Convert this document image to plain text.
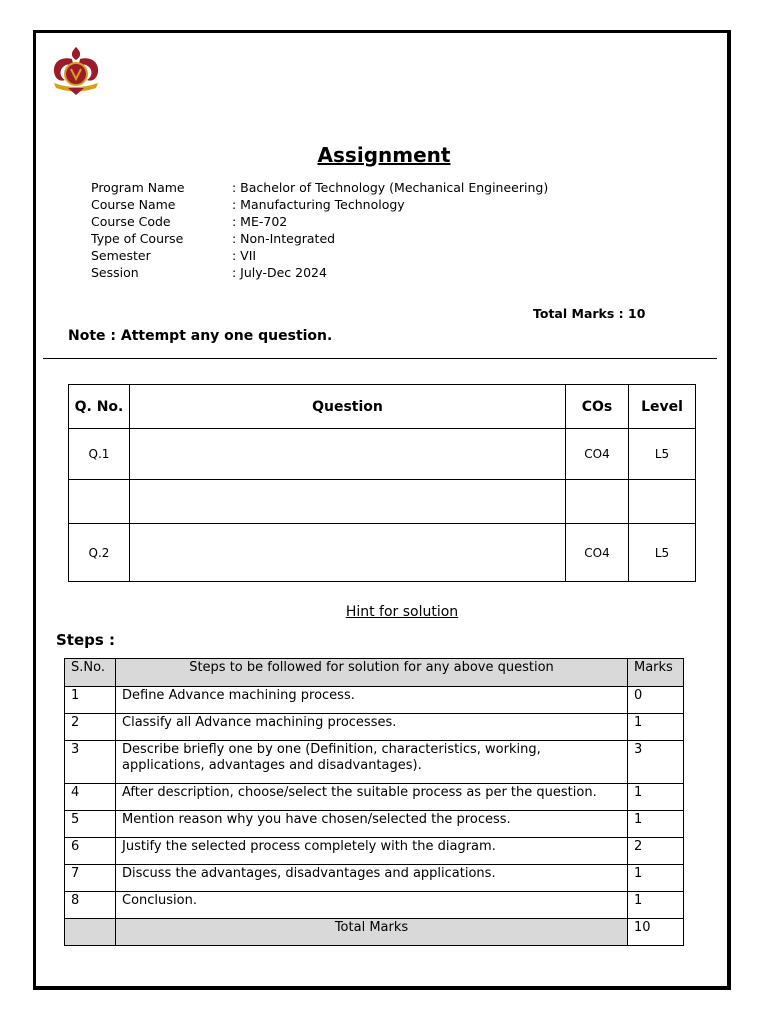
Assignment
Program Name	: Bachelor of Technology (Mechanical Engineering)
Course Name	: Manufacturing Technology
Course Code	: ME-702
Type of Course	: Non-Integrated
Semester	: VII
Session	: July-Dec 2024
Total Marks : 10
Note : Attempt any one question.
Q. No.	Question	COs	Level
Q.1		CO4	L5

Q.2		CO4	L5
Hint for solution
Steps :
S.No.	Steps to be followed for solution for any above question	Marks
1	Define Advance machining process.	0
2	Classify all Advance machining processes.	1
3	Describe briefly one by one (Definition, characteristics, working, applications, advantages and disadvantages).	3
4	After description, choose/select the suitable process as per the question.	1
5	Mention reason why you have chosen/selected the process.	1
6	Justify the selected process completely with the diagram.	2
7	Discuss the advantages, disadvantages and applications.	1
8	Conclusion.	1
	Total Marks	10
